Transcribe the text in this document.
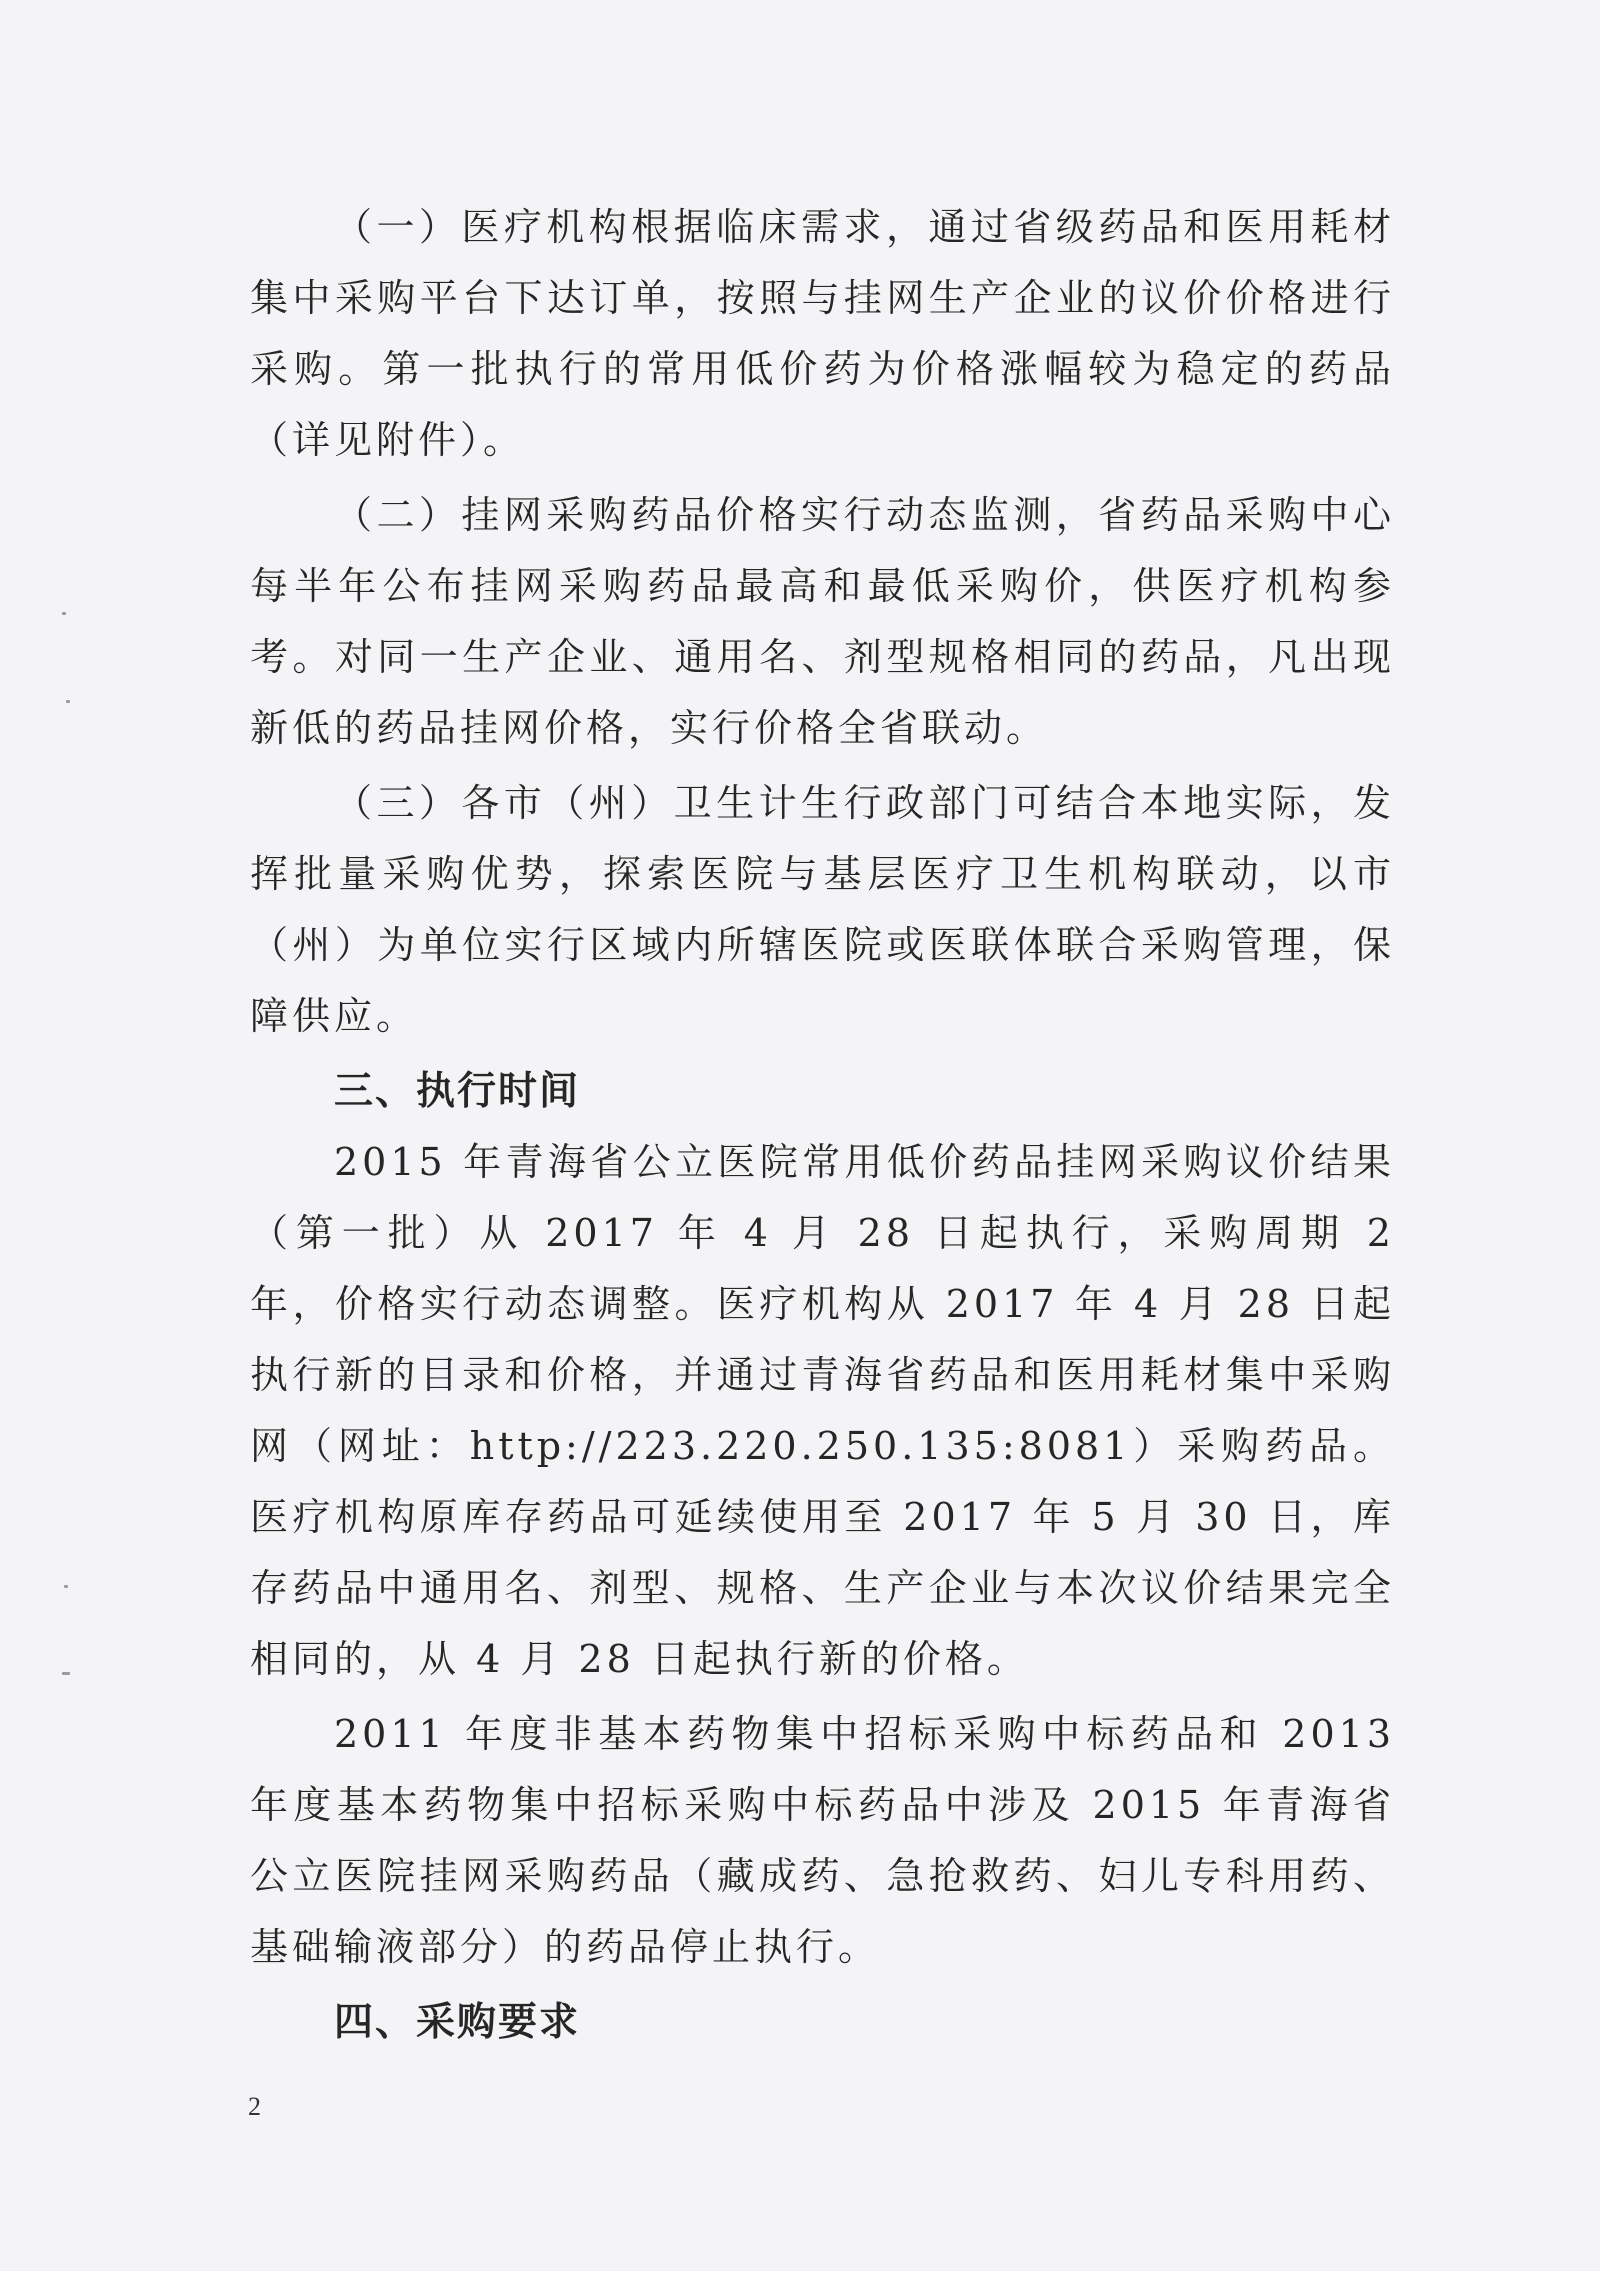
（一）医疗机构根据临床需求，通过省级药品和医用耗材集中采购平台下达订单，按照与挂网生产企业的议价价格进行采购。第一批执行的常用低价药为价格涨幅较为稳定的药品（详见附件）。

（二）挂网采购药品价格实行动态监测，省药品采购中心每半年公布挂网采购药品最高和最低采购价，供医疗机构参考。对同一生产企业、通用名、剂型规格相同的药品，凡出现新低的药品挂网价格，实行价格全省联动。

（三）各市（州）卫生计生行政部门可结合本地实际，发挥批量采购优势，探索医院与基层医疗卫生机构联动，以市（州）为单位实行区域内所辖医院或医联体联合采购管理，保障供应。

三、执行时间

2015 年青海省公立医院常用低价药品挂网采购议价结果（第一批）从 2017 年 4 月 28 日起执行，采购周期 2 年，价格实行动态调整。医疗机构从 2017 年 4 月 28 日起执行新的目录和价格，并通过青海省药品和医用耗材集中采购网（网址：http://223.220.250.135:8081）采购药品。医疗机构原库存药品可延续使用至 2017 年 5 月 30 日，库存药品中通用名、剂型、规格、生产企业与本次议价结果完全相同的，从 4 月 28 日起执行新的价格。

2011 年度非基本药物集中招标采购中标药品和 2013 年度基本药物集中招标采购中标药品中涉及 2015 年青海省公立医院挂网采购药品（藏成药、急抢救药、妇儿专科用药、基础输液部分）的药品停止执行。

四、采购要求

2
